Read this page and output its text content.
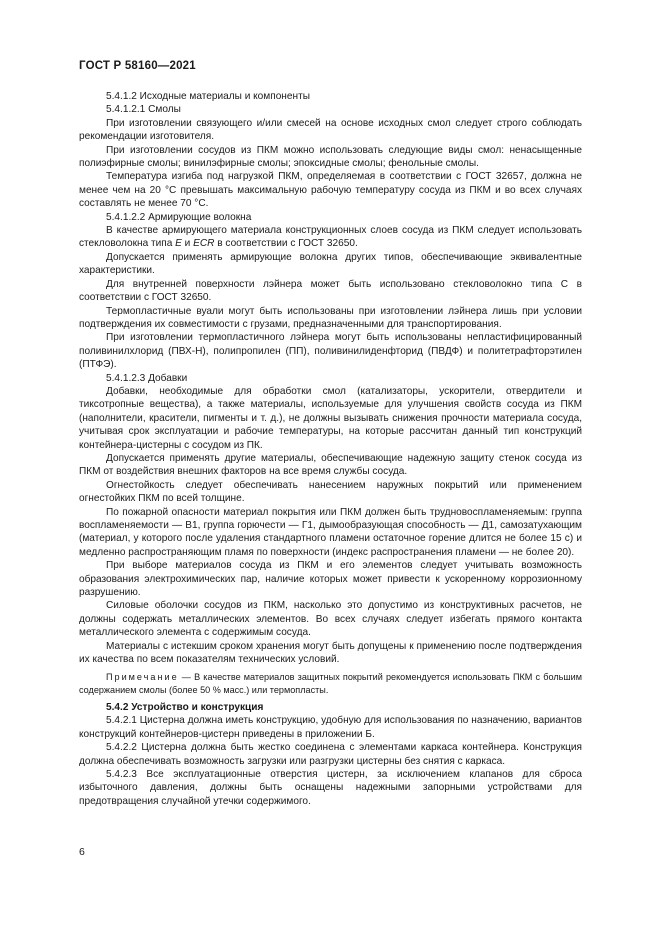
ГОСТ Р 58160—2021

5.4.1.2 Исходные материалы и компоненты

5.4.1.2.1 Смолы

При изготовлении связующего и/или смесей на основе исходных смол следует строго соблюдать рекомендации изготовителя.

При изготовлении сосудов из ПКМ можно использовать следующие виды смол: ненасыщенные полиэфирные смолы; винилэфирные смолы; эпоксидные смолы; фенольные смолы.

Температура изгиба под нагрузкой ПКМ, определяемая в соответствии с ГОСТ 32657, должна не менее чем на 20 °С превышать максимальную рабочую температуру сосуда из ПКМ и во всех случаях составлять не менее 70 °С.

5.4.1.2.2 Армирующие волокна

В качестве армирующего материала конструкционных слоев сосуда из ПКМ следует использовать стекловолокна типа E и ECR в соответствии с ГОСТ 32650.

Допускается применять армирующие волокна других типов, обеспечивающие эквивалентные характеристики.

Для внутренней поверхности лэйнера может быть использовано стекловолокно типа С в соответствии с ГОСТ 32650.

Термопластичные вуали могут быть использованы при изготовлении лэйнера лишь при условии подтверждения их совместимости с грузами, предназначенными для транспортирования.

При изготовлении термопластичного лэйнера могут быть использованы непластифицированный поливинилхлорид (ПВХ-Н), полипропилен (ПП), поливинилиденфторид (ПВДФ) и политетрафторэтилен (ПТФЭ).

5.4.1.2.3 Добавки

Добавки, необходимые для обработки смол (катализаторы, ускорители, отвердители и тиксотропные вещества), а также материалы, используемые для улучшения свойств сосуда из ПКМ (наполнители, красители, пигменты и т. д.), не должны вызывать снижения прочности материала сосуда, учитывая срок эксплуатации и рабочие температуры, на которые рассчитан данный тип конструкций контейнера-цистерны с сосудом из ПК.

Допускается применять другие материалы, обеспечивающие надежную защиту стенок сосуда из ПКМ от воздействия внешних факторов на все время службы сосуда.

Огнестойкость следует обеспечивать нанесением наружных покрытий или применением огнестойких ПКМ по всей толщине.

По пожарной опасности материал покрытия или ПКМ должен быть трудновоспламеняемым: группа воспламеняемости — В1, группа горючести — Г1, дымообразующая способность — Д1, самозатухающим (материал, у которого после удаления стандартного пламени остаточное горение длится не более 15 с) и медленно распространяющим пламя по поверхности (индекс распространения пламени — не более 20).

При выборе материалов сосуда из ПКМ и его элементов следует учитывать возможность образования электрохимических пар, наличие которых может привести к ускоренному коррозионному разрушению.

Силовые оболочки сосудов из ПКМ, насколько это допустимо из конструктивных расчетов, не должны содержать металлических элементов. Во всех случаях следует избегать прямого контакта металлического элемента с содержимым сосуда.

Материалы с истекшим сроком хранения могут быть допущены к применению после подтверждения их качества по всем показателям технических условий.

Примечание — В качестве материалов защитных покрытий рекомендуется использовать ПКМ с большим содержанием смолы (более 50 % масс.) или термопласты.

5.4.2 Устройство и конструкция

5.4.2.1 Цистерна должна иметь конструкцию, удобную для использования по назначению, вариантов конструкций контейнеров-цистерн приведены в приложении Б.

5.4.2.2 Цистерна должна быть жестко соединена с элементами каркаса контейнера. Конструкция должна обеспечивать возможность загрузки или разгрузки цистерны без снятия с каркаса.

5.4.2.3 Все эксплуатационные отверстия цистерн, за исключением клапанов для сброса избыточного давления, должны быть оснащены надежными запорными устройствами для предотвращения случайной утечки содержимого.

6
